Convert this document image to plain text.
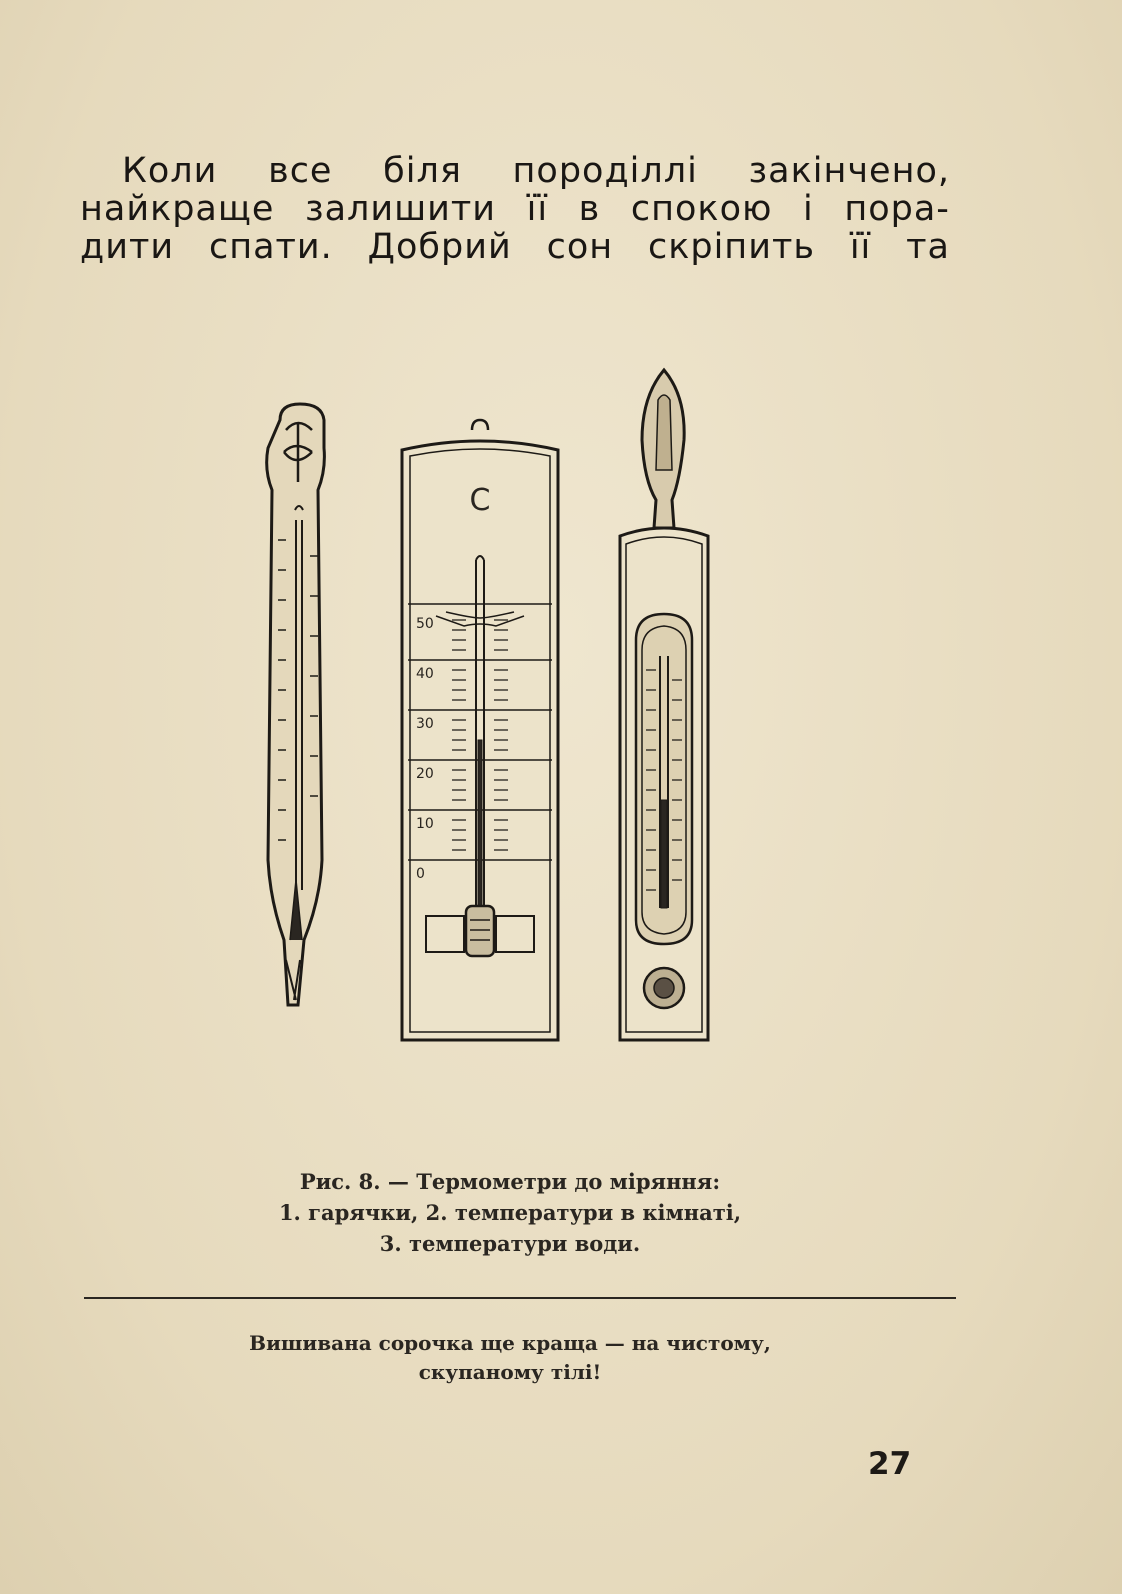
Коли все біля породіллі закінчено,
найкраще залишити її в спокою і пора-
дити спати. Добрий сон скріпить її та
C
50
40
30
20
10
0
Рис. 8. — Термометри до міряння:
1. гарячки, 2. температури в кімнаті,
3. температури води.
Вишивана сорочка ще краща — на чистому,
скупаному тілі!
27
